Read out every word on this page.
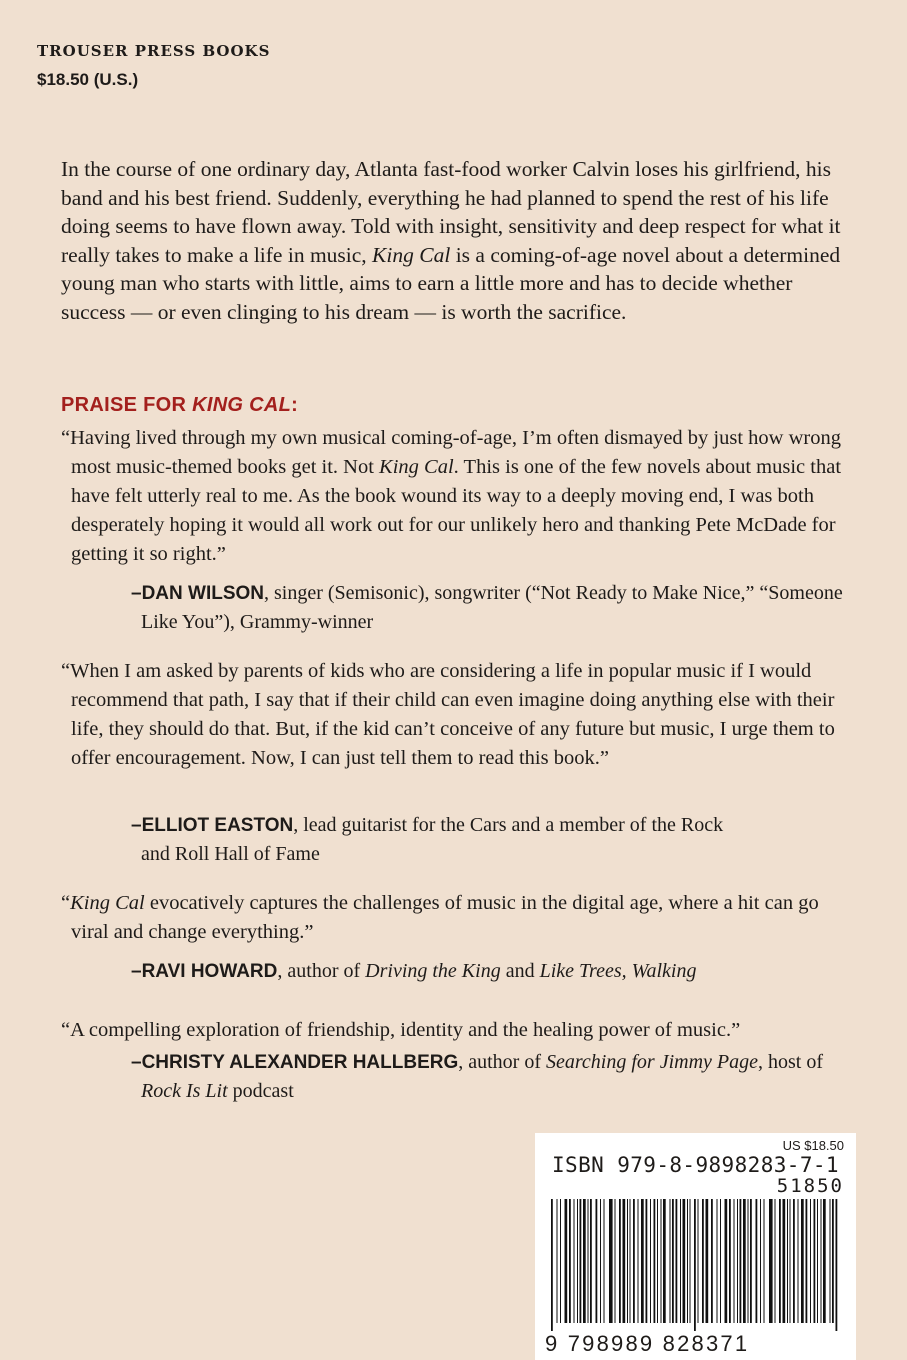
TROUSER PRESS BOOKS
$18.50 (U.S.)
In the course of one ordinary day, Atlanta fast-food worker Calvin loses his girlfriend, his band and his best friend. Suddenly, everything he had planned to spend the rest of his life doing seems to have flown away. Told with insight, sensitivity and deep respect for what it really takes to make a life in music, King Cal is a coming-of-age novel about a determined young man who starts with little, aims to earn a little more and has to decide whether success — or even clinging to his dream — is worth the sacrifice.
PRAISE FOR KING CAL:
“Having lived through my own musical coming-of-age, I’m often dismayed by just how wrong most music-themed books get it. Not King Cal. This is one of the few novels about music that have felt utterly real to me. As the book wound its way to a deeply moving end, I was both desperately hoping it would all work out for our unlikely hero and thanking Pete McDade for getting it so right.”
–DAN WILSON, singer (Semisonic), songwriter (“Not Ready to Make Nice,” “Someone Like You”), Grammy-winner
“When I am asked by parents of kids who are considering a life in popular music if I would recommend that path, I say that if their child can even imagine doing anything else with their life, they should do that. But, if the kid can’t conceive of any future but music, I urge them to offer encouragement. Now, I can just tell them to read this book.”
–ELLIOT EASTON, lead guitarist for the Cars and a member of the Rock and Roll Hall of Fame
“King Cal evocatively captures the challenges of music in the digital age, where a hit can go viral and change everything.”
–RAVI HOWARD, author of Driving the King and Like Trees, Walking
“A compelling exploration of friendship, identity and the healing power of music.”
–CHRISTY ALEXANDER HALLBERG, author of Searching for Jimmy Page, host of Rock Is Lit podcast
US $18.50
ISBN 979-8-9898283-7-1
51850
9 798989 828371
